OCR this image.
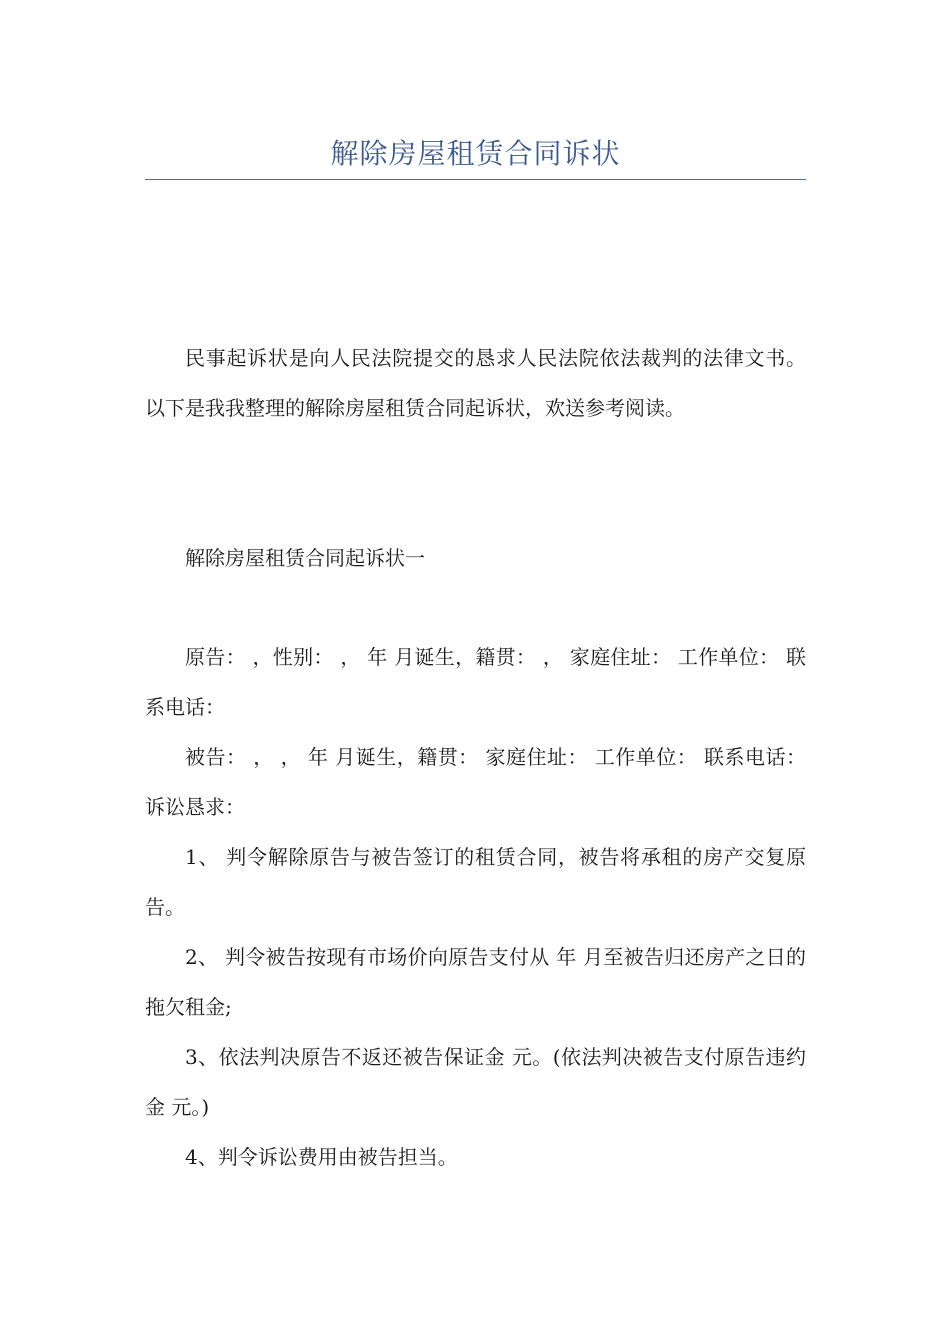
解除房屋租赁合同诉状

民事起诉状是向人民法院提交的恳求人民法院依法裁判的法律文书。 以下是我我整理的解除房屋租赁合同起诉状，欢送参考阅读。

解除房屋租赁合同起诉状一

原告： ，性别： ， 年 月诞生，籍贯： ， 家庭住址： 工作单位： 联系电话：

被告： ， ， 年 月诞生，籍贯： 家庭住址： 工作单位： 联系电话： 诉讼恳求：

1、 判令解除原告与被告签订的租赁合同，被告将承租的房产交复原告。

2、 判令被告按现有市场价向原告支付从 年 月至被告归还房产之日的拖欠租金;

3、依法判决原告不返还被告保证金 元。(依法判决被告支付原告违约金 元。)

4、判令诉讼费用由被告担当。
